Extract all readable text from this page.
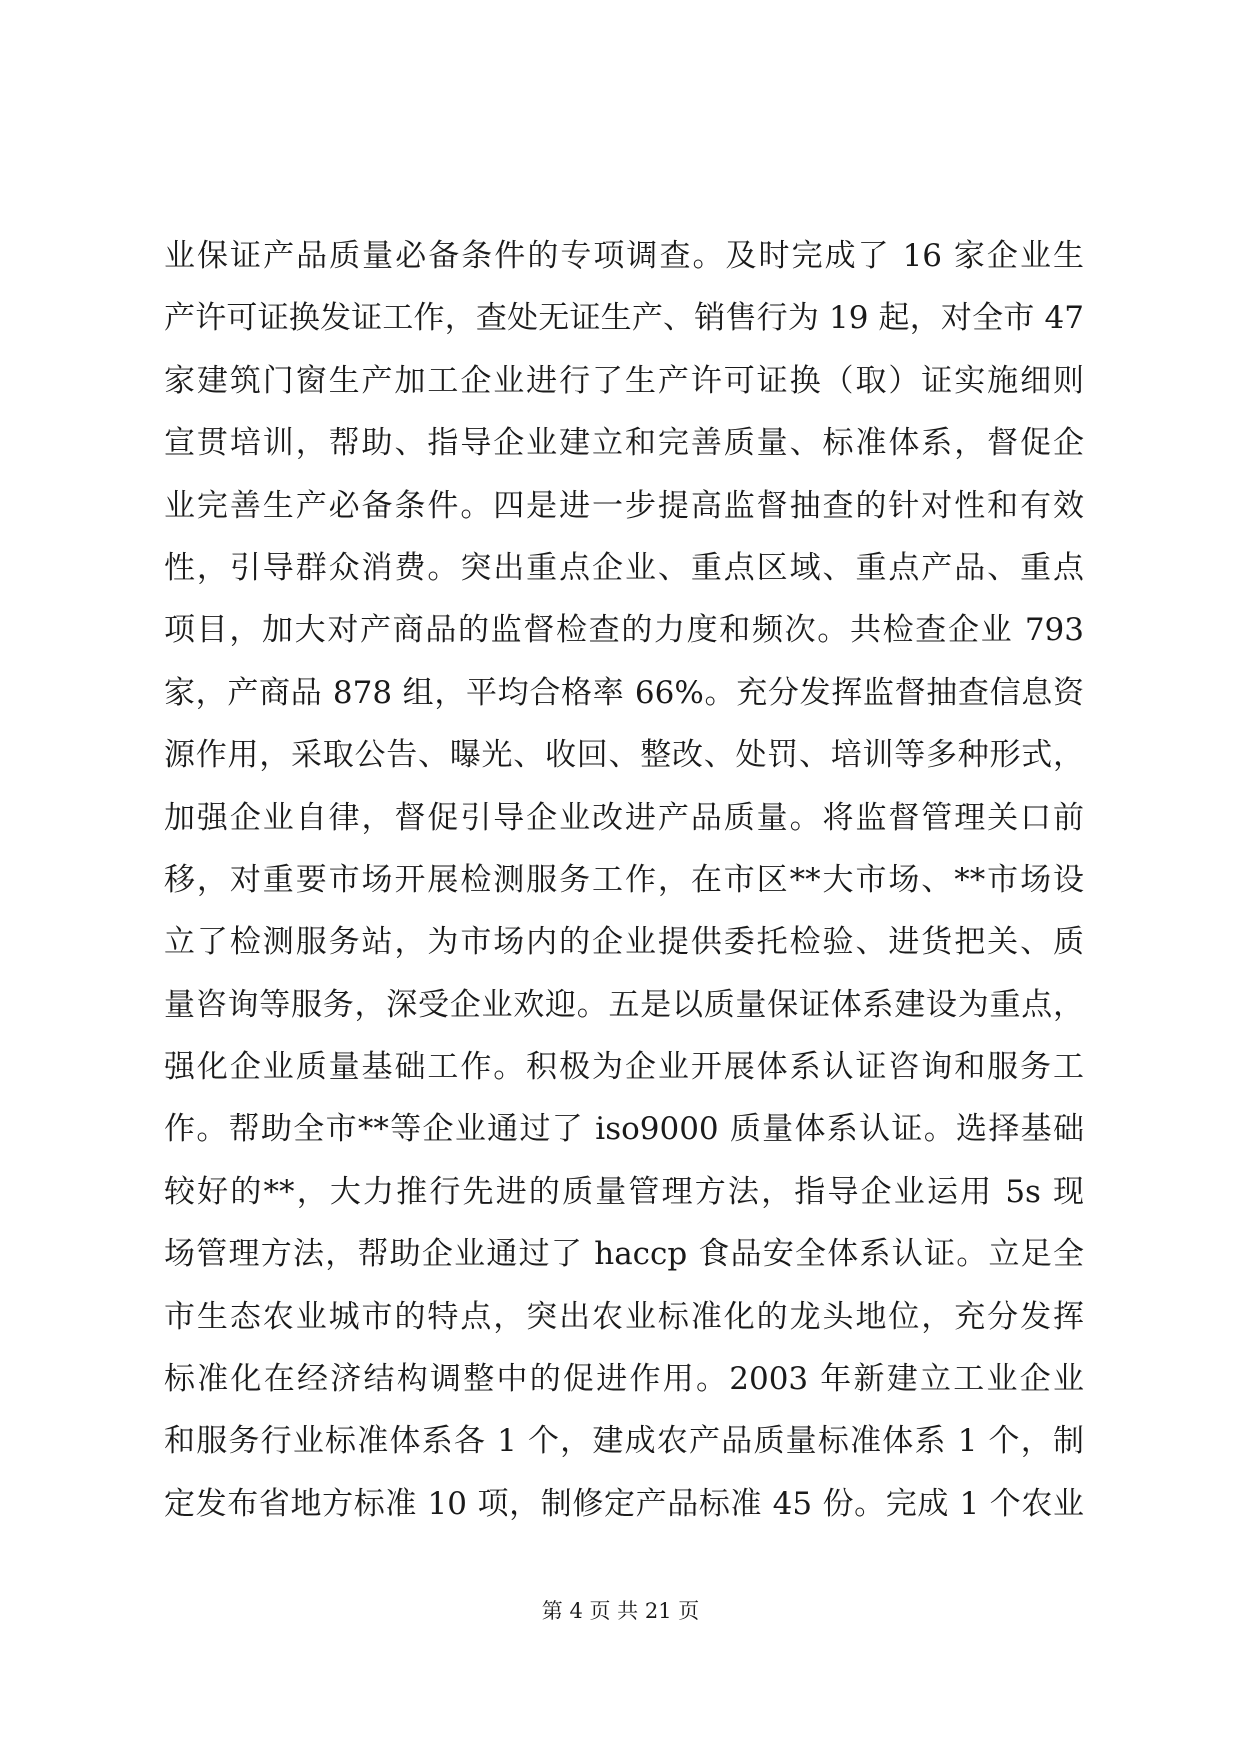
业保证产品质量必备条件的专项调查。及时完成了 16 家企业生
产许可证换发证工作，查处无证生产、销售行为 19 起，对全市 47
家建筑门窗生产加工企业进行了生产许可证换（取）证实施细则
宣贯培训，帮助、指导企业建立和完善质量、标准体系，督促企
业完善生产必备条件。四是进一步提高监督抽查的针对性和有效
性，引导群众消费。突出重点企业、重点区域、重点产品、重点
项目，加大对产商品的监督检查的力度和频次。共检查企业 793
家，产商品 878 组，平均合格率 66%。充分发挥监督抽查信息资
源作用，采取公告、曝光、收回、整改、处罚、培训等多种形式，
加强企业自律，督促引导企业改进产品质量。将监督管理关口前
移，对重要市场开展检测服务工作，在市区**大市场、**市场设
立了检测服务站，为市场内的企业提供委托检验、进货把关、质
量咨询等服务，深受企业欢迎。五是以质量保证体系建设为重点，
强化企业质量基础工作。积极为企业开展体系认证咨询和服务工
作。帮助全市**等企业通过了 iso9000 质量体系认证。选择基础
较好的**，大力推行先进的质量管理方法，指导企业运用 5s 现
场管理方法，帮助企业通过了 haccp 食品安全体系认证。立足全
市生态农业城市的特点，突出农业标准化的龙头地位，充分发挥
标准化在经济结构调整中的促进作用。2003 年新建立工业企业
和服务行业标准体系各 1 个，建成农产品质量标准体系 1 个，制
定发布省地方标准 10 项，制修定产品标准 45 份。完成 1 个农业
第 4 页 共 21 页
